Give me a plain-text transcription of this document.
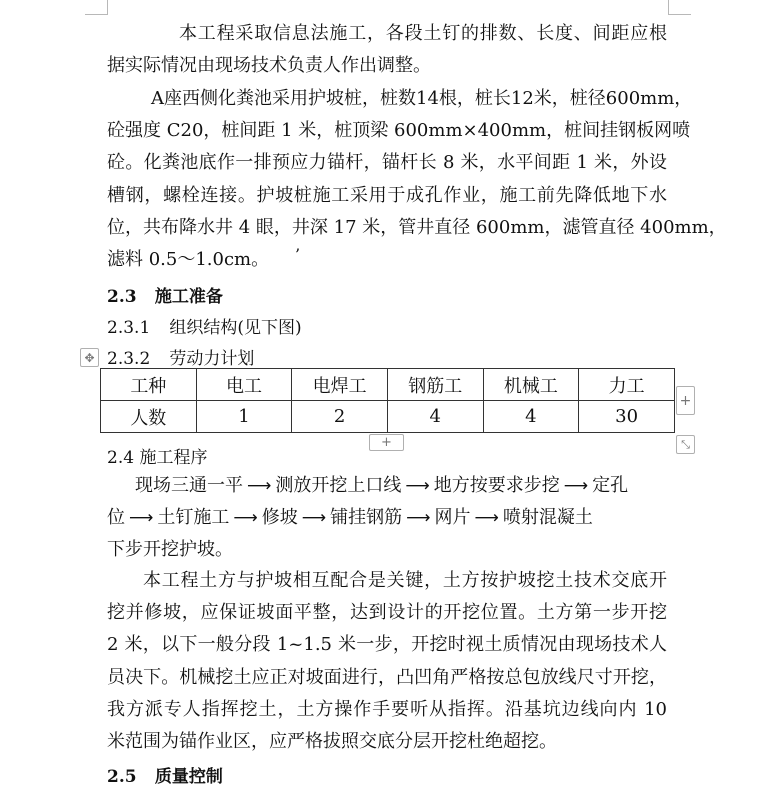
本工程采取信息法施工，各段土钉的排数、长度、间距应根
据实际情况由现场技术负责人作出调整。
A座西侧化粪池采用护坡桩，桩数14根，桩长12米，桩径600mm，
砼强度 C20，桩间距 1 米，桩顶梁 600mm×400mm，桩间挂钢板网喷
砼。化粪池底作一排预应力锚杆，锚杆长 8 米，水平间距 1 米，外设
槽钢，螺栓连接。护坡桩施工采用于成孔作业，施工前先降低地下水
位，共布降水井 4 眼，井深 17 米，管井直径 600mm，滤管直径 400mm，
滤料 0.5～1.0cm。	’
2.3 施工准备
2.3.1 组织结构(见下图)
2.3.2 劳动力计划
✥
工种	电工	电焊工	钢筋工	机械工	力工
人数	1	2	4	4	30
+
+	⤡
2.4 施工程序
现场三通一平 ⟶ 测放开挖上口线 ⟶ 地方按要求步挖 ⟶ 定孔
位 ⟶ 土钉施工 ⟶ 修坡 ⟶ 铺挂钢筋 ⟶ 网片 ⟶ 喷射混凝土
下步开挖护坡。
本工程土方与护坡相互配合是关键，土方按护坡挖土技术交底开
挖并修坡，应保证坡面平整，达到设计的开挖位置。土方第一步开挖
2 米，以下一般分段 1~1.5 米一步，开挖时视土质情况由现场技术人
员决下。机械挖土应正对坡面进行，凸凹角严格按总包放线尺寸开挖，
我方派专人指挥挖土，土方操作手要听从指挥。沿基坑边线向内 10
米范围为锚作业区，应严格拔照交底分层开挖杜绝超挖。
2.5 质量控制
